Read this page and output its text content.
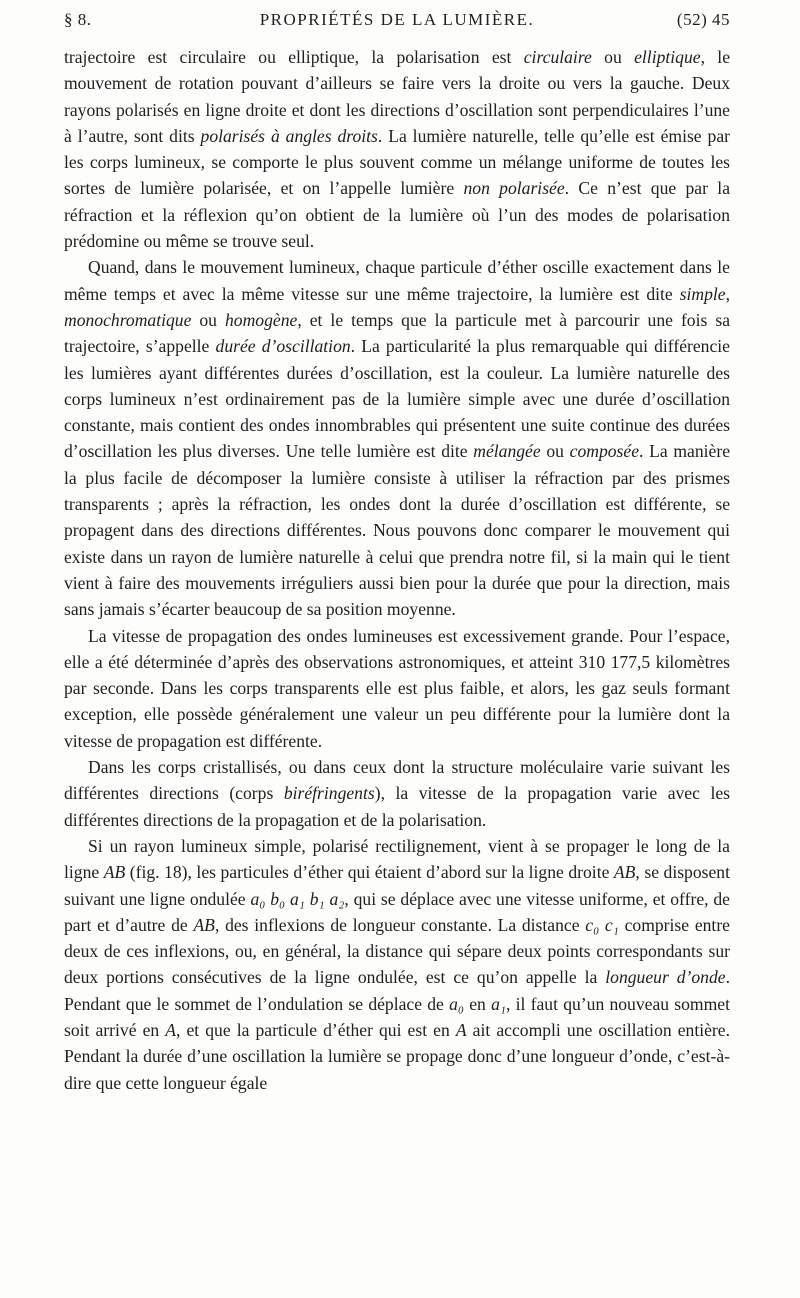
§ 8.	PROPRIÉTÉS DE LA LUMIÈRE.	(52) 45

trajectoire est circulaire ou elliptique, la polarisation est circulaire ou elliptique, le mouvement de rotation pouvant d’ailleurs se faire vers la droite ou vers la gauche. Deux rayons polarisés en ligne droite et dont les directions d’oscillation sont perpendiculaires l’une à l’autre, sont dits polarisés à angles droits. La lumière naturelle, telle qu’elle est émise par les corps lumineux, se comporte le plus souvent comme un mélange uniforme de toutes les sortes de lumière polarisée, et on l’appelle lumière non polarisée. Ce n’est que par la réfraction et la réflexion qu’on obtient de la lumière où l’un des modes de polarisation prédomine ou même se trouve seul.

Quand, dans le mouvement lumineux, chaque particule d’éther oscille exactement dans le même temps et avec la même vitesse sur une même trajectoire, la lumière est dite simple, monochromatique ou homogène, et le temps que la particule met à parcourir une fois sa trajectoire, s’appelle durée d’oscillation. La particularité la plus remarquable qui différencie les lumières ayant différentes durées d’oscillation, est la couleur. La lumière naturelle des corps lumineux n’est ordinairement pas de la lumière simple avec une durée d’oscillation constante, mais contient des ondes innombrables qui présentent une suite continue des durées d’oscillation les plus diverses. Une telle lumière est dite mélangée ou composée. La manière la plus facile de décomposer la lumière consiste à utiliser la réfraction par des prismes transparents ; après la réfraction, les ondes dont la durée d’oscillation est différente, se propagent dans des directions différentes. Nous pouvons donc comparer le mouvement qui existe dans un rayon de lumière naturelle à celui que prendra notre fil, si la main qui le tient vient à faire des mouvements irréguliers aussi bien pour la durée que pour la direction, mais sans jamais s’écarter beaucoup de sa position moyenne.

La vitesse de propagation des ondes lumineuses est excessivement grande. Pour l’espace, elle a été déterminée d’après des observations astronomiques, et atteint 310 177,5 kilomètres par seconde. Dans les corps transparents elle est plus faible, et alors, les gaz seuls formant exception, elle possède généralement une valeur un peu différente pour la lumière dont la vitesse de propagation est différente.

Dans les corps cristallisés, ou dans ceux dont la structure moléculaire varie suivant les différentes directions (corps biréfringents), la vitesse de la propagation varie avec les différentes directions de la propagation et de la polarisation.

Si un rayon lumineux simple, polarisé rectilignement, vient à se propager le long de la ligne AB (fig. 18), les particules d’éther qui étaient d’abord sur la ligne droite AB, se disposent suivant une ligne ondulée a₀ b₀ a₁ b₁ a₂, qui se déplace avec une vitesse uniforme, et offre, de part et d’autre de AB, des inflexions de longueur constante. La distance c₀ c₁ comprise entre deux de ces inflexions, ou, en général, la distance qui sépare deux points correspondants sur deux portions consécutives de la ligne ondulée, est ce qu’on appelle la longueur d’onde. Pendant que le sommet de l’ondulation se déplace de a₀ en a₁, il faut qu’un nouveau sommet soit arrivé en A, et que la particule d’éther qui est en A ait accompli une oscillation entière. Pendant la durée d’une oscillation la lumière se propage donc d’une longueur d’onde, c’est-à-dire que cette longueur égale
